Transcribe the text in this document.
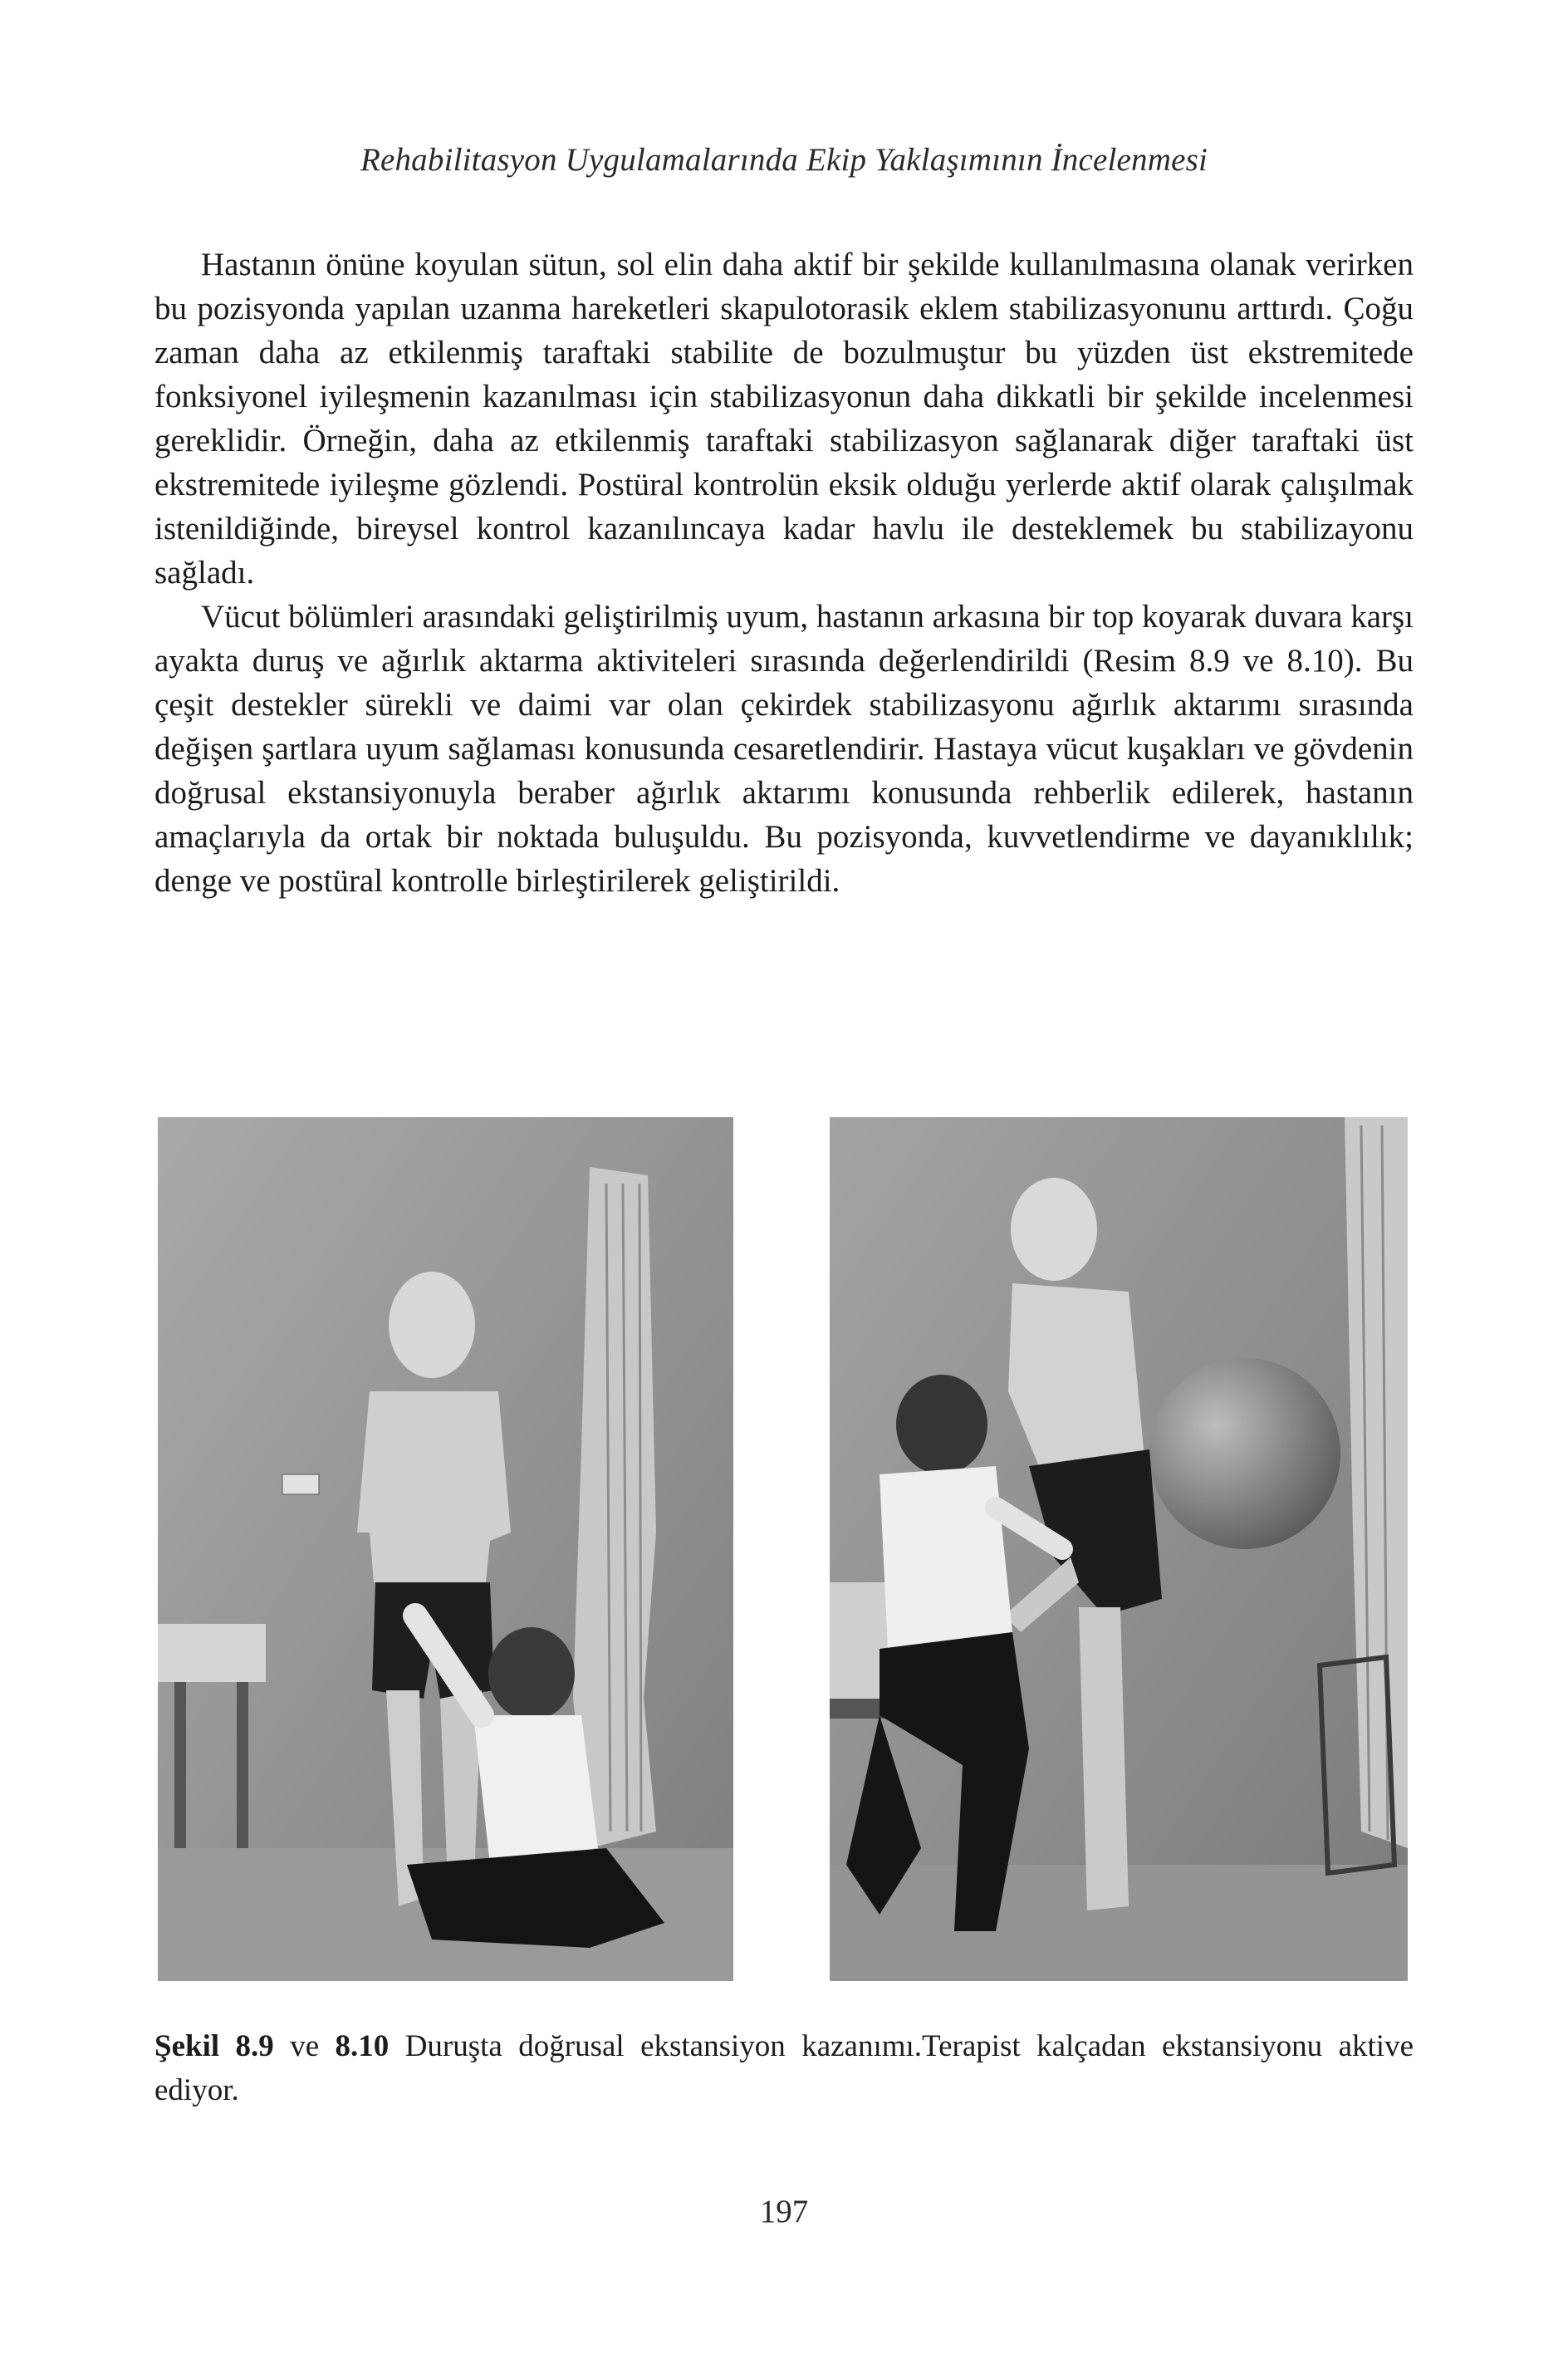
Rehabilitasyon Uygulamalarında Ekip Yaklaşımının İncelenmesi

Hastanın önüne koyulan sütun, sol elin daha aktif bir şekilde kullanılmasına olanak verirken bu pozisyonda yapılan uzanma hareketleri skapulotorasik eklem stabilizasyonunu arttırdı. Çoğu zaman daha az etkilenmiş taraftaki stabilite de bozulmuştur bu yüzden üst ekstremitede fonksiyonel iyileşmenin kazanılması için stabilizasyonun daha dikkatli bir şekilde incelenmesi gereklidir. Örneğin, daha az etkilenmiş taraftaki stabilizasyon sağlanarak diğer taraftaki üst ekstremitede iyileşme gözlendi. Postüral kontrolün eksik olduğu yerlerde aktif olarak çalışılmak istenildiğinde, bireysel kontrol kazanılıncaya kadar havlu ile desteklemek bu stabilizayonu sağladı.

Vücut bölümleri arasındaki geliştirilmiş uyum, hastanın arkasına bir top koyarak duvara karşı ayakta duruş ve ağırlık aktarma aktiviteleri sırasında değerlendirildi (Resim 8.9 ve 8.10). Bu çeşit destekler sürekli ve daimi var olan çekirdek stabilizasyonu ağırlık aktarımı sırasında değişen şartlara uyum sağlaması konusunda cesaretlendirir. Hastaya vücut kuşakları ve gövdenin doğrusal ekstansiyonuyla beraber ağırlık aktarımı konusunda rehberlik edilerek, hastanın amaçlarıyla da ortak bir noktada buluşuldu. Bu pozisyonda, kuvvetlendirme ve dayanıklılık; denge ve postüral kontrolle birleştirilerek geliştirildi.

Şekil 8.9 ve 8.10 Duruşta doğrusal ekstansiyon kazanımı.Terapist kalçadan ekstansiyonu aktive ediyor.
197
